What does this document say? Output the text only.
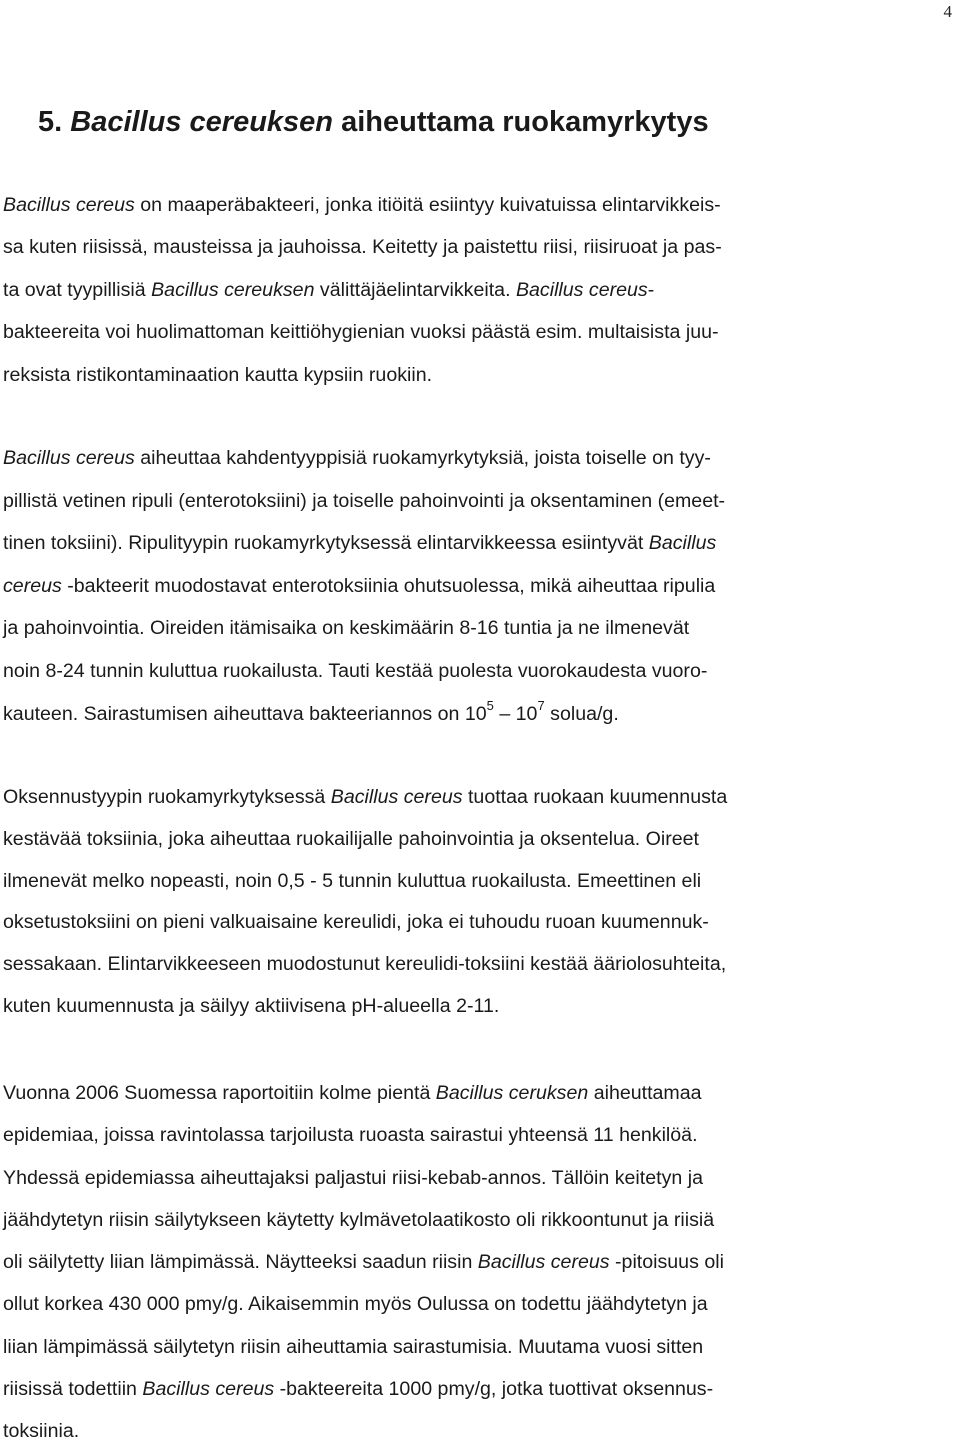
4
5. Bacillus cereuksen aiheuttama ruokamyrkytys

Bacillus cereus on maaperäbakteeri, jonka itiöitä esiintyy kuivatuissa elintarvikkeis-
sa kuten riisissä, mausteissa ja jauhoissa. Keitetty ja paistettu riisi, riisiruoat ja pas-
ta ovat tyypillisiä Bacillus cereuksen välittäjäelintarvikkeita. Bacillus cereus-
bakteereita voi huolimattoman keittiöhygienian vuoksi päästä esim. multaisista juu-
reksista ristikontaminaation kautta kypsiin ruokiin.

Bacillus cereus aiheuttaa kahdentyyppisiä ruokamyrkytyksiä, joista toiselle on tyy-
pillistä vetinen ripuli (enterotoksiini) ja toiselle pahoinvointi ja oksentaminen (emeet-
tinen toksiini). Ripulityypin ruokamyrkytyksessä elintarvikkeessa esiintyvät Bacillus
cereus -bakteerit muodostavat enterotoksiinia ohutsuolessa, mikä aiheuttaa ripulia
ja pahoinvointia. Oireiden itämisaika on keskimäärin 8-16 tuntia ja ne ilmenevät
noin 8-24 tunnin kuluttua ruokailusta. Tauti kestää puolesta vuorokaudesta vuoro-
kauteen. Sairastumisen aiheuttava bakteeriannos on $10^5 - 10^7$ solua/g.

Oksennustyypin ruokamyrkytyksessä Bacillus cereus tuottaa ruokaan kuumennusta
kestävää toksiinia, joka aiheuttaa ruokailijalle pahoinvointia ja oksentelua. Oireet
ilmenevät melko nopeasti, noin 0,5 - 5 tunnin kuluttua ruokailusta. Emeettinen eli
oksetustoksiini on pieni valkuaisaine kereulidi, joka ei tuhoudu ruoan kuumennuk-
sessakaan. Elintarvikkeeseen muodostunut kereulidi-toksiini kestää ääriolosuhteita,
kuten kuumennusta ja säilyy aktiivisena pH-alueella 2-11.

Vuonna 2006 Suomessa raportoitiin kolme pientä Bacillus ceruksen aiheuttamaa
epidemiaa, joissa ravintolassa tarjoilusta ruoasta sairastui yhteensä 11 henkilöä.
Yhdessä epidemiassa aiheuttajaksi paljastui riisi-kebab-annos. Tällöin keitetyn ja
jäähdytetyn riisin säilytykseen käytetty kylmävetolaatikosto oli rikkoontunut ja riisiä
oli säilytetty liian lämpimässä. Näytteeksi saadun riisin Bacillus cereus -pitoisuus oli
ollut korkea 430 000 pmy/g. Aikaisemmin myös Oulussa on todettu jäähdytetyn ja
liian lämpimässä säilytetyn riisin aiheuttamia sairastumisia. Muutama vuosi sitten
riisissä todettiin Bacillus cereus -bakteereita 1000 pmy/g, jotka tuottivat oksennus-
toksiinia.
